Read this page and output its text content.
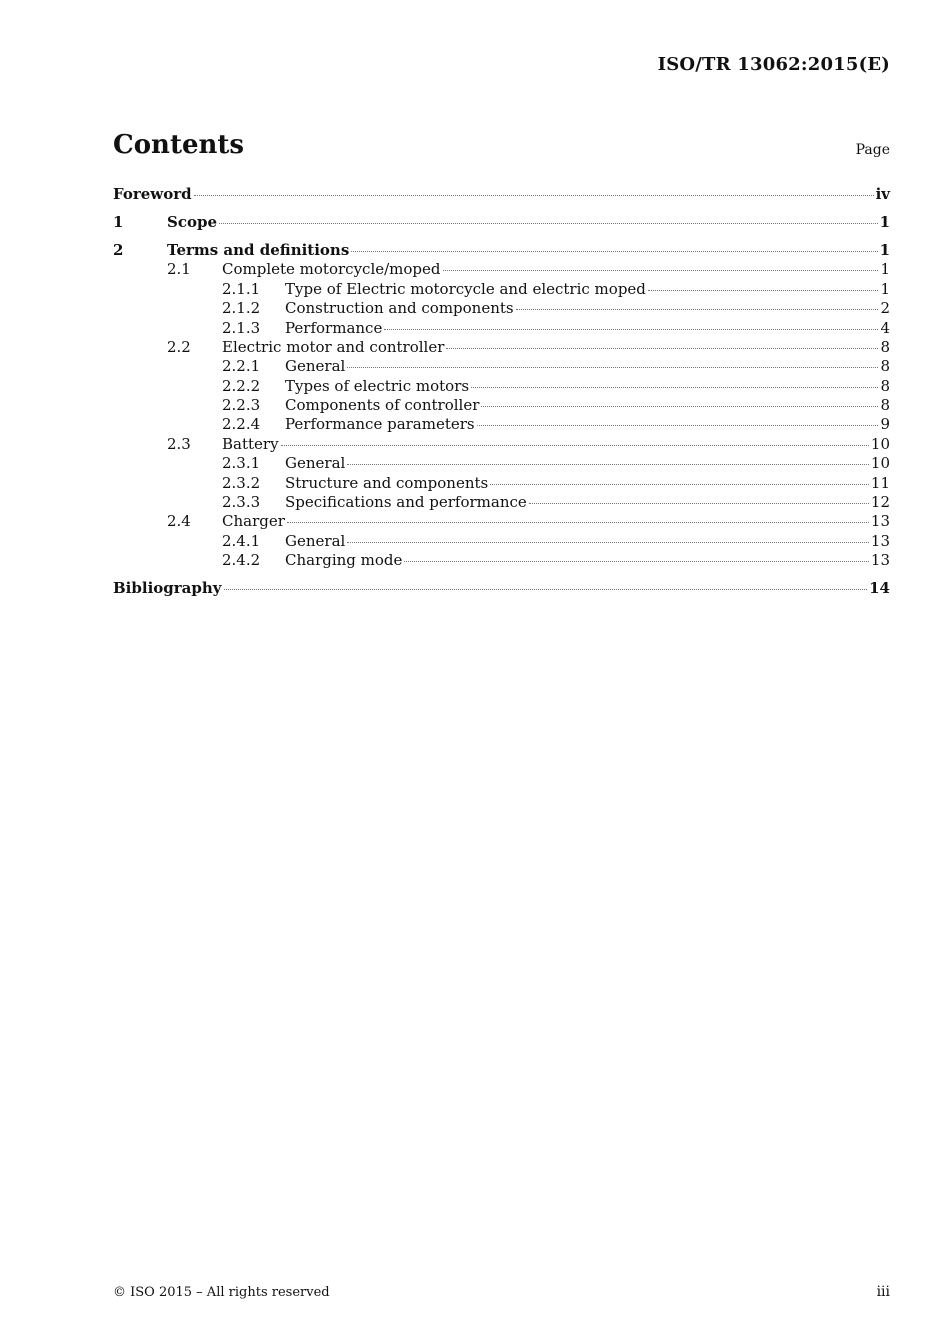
ISO/TR 13062:2015(E)
Contents	Page
Foreword	iv
1	Scope	1
2	Terms and definitions	1
2.1	Complete motorcycle/moped	1
2.1.1	Type of Electric motorcycle and electric moped	1
2.1.2	Construction and components	2
2.1.3	Performance	4
2.2	Electric motor and controller	8
2.2.1	General	8
2.2.2	Types of electric motors	8
2.2.3	Components of controller	8
2.2.4	Performance parameters	9
2.3	Battery	10
2.3.1	General	10
2.3.2	Structure and components	11
2.3.3	Specifications and performance	12
2.4	Charger	13
2.4.1	General	13
2.4.2	Charging mode	13
Bibliography	14
© ISO 2015 – All rights reserved	iii
